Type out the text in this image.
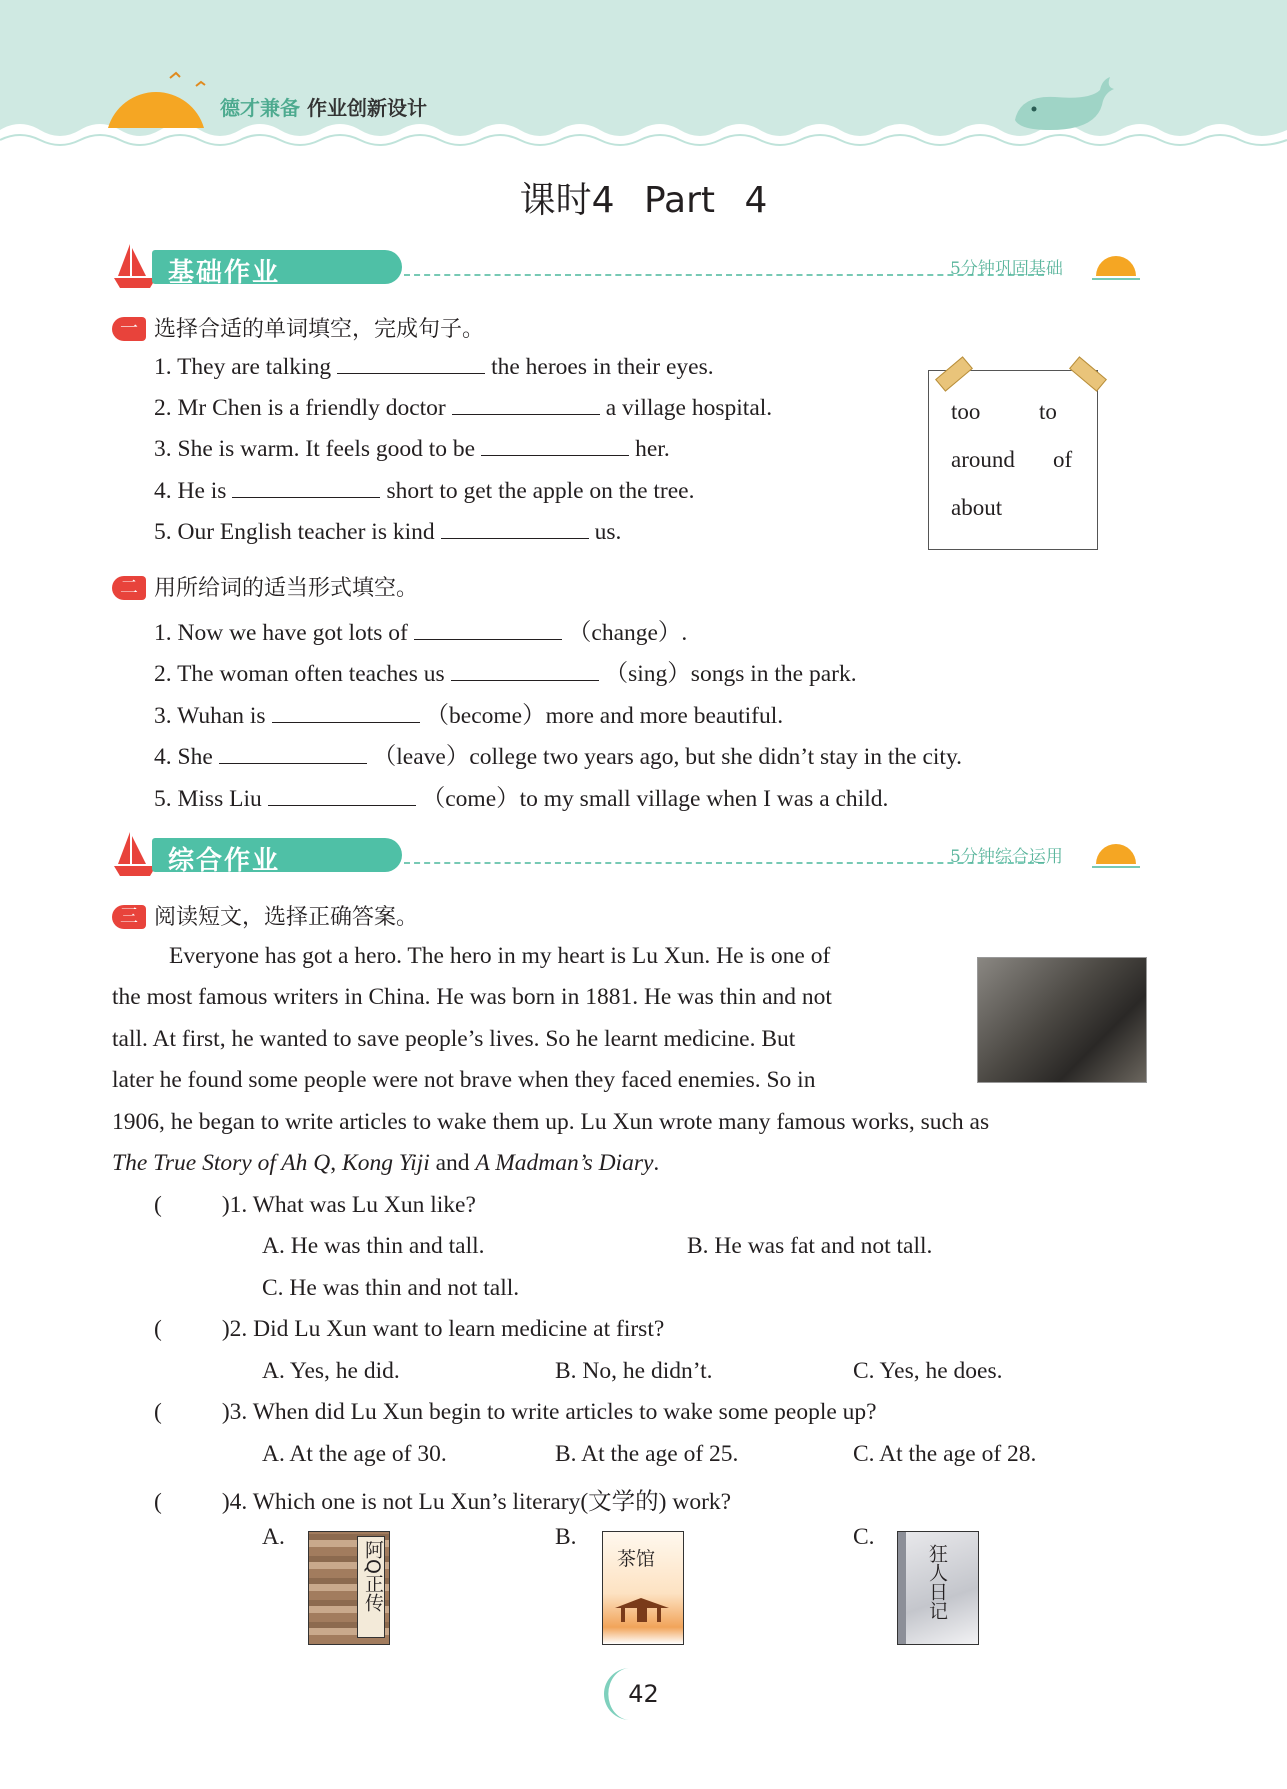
德才兼备 作业创新设计
课时4 Part 4
基础作业	5分钟巩固基础
一 选择合适的单词填空，完成句子。
1. They are talking	the heroes in their eyes.
2. Mr Chen is a friendly doctor	a village hospital.
3. She is warm. It feels good to be	her.
4. He is	short to get the apple on the tree.
5. Our English teacher is kind	us.
too	to
around of
about
二 用所给词的适当形式填空。
1. Now we have got lots of	（change）.
2. The woman often teaches us	（sing）songs in the park.
3. Wuhan is	（become）more and more beautiful.
4. She	（leave）college two years ago, but she didn’t stay in the city.
5. Miss Liu	（come）to my small village when I was a child.
综合作业	5分钟综合运用
三 阅读短文，选择正确答案。
Everyone has got a hero. The hero in my heart is Lu Xun. He is one of
the most famous writers in China. He was born in 1881. He was thin and not
tall. At first, he wanted to save people’s lives. So he learnt medicine. But
later he found some people were not brave when they faced enemies. So in
1906, he began to write articles to wake them up. Lu Xun wrote many famous works, such as
The True Story of Ah Q, Kong Yiji and A Madman’s Diary.
(	)1. What was Lu Xun like?
A. He was thin and tall.	B. He was fat and not tall.
C. He was thin and not tall.
(	)2. Did Lu Xun want to learn medicine at first?
A. Yes, he did.	B. No, he didn’t.	C. Yes, he does.
(	)3. When did Lu Xun begin to write articles to wake some people up?
A. At the age of 30.	B. At the age of 25.	C. At the age of 28.
(	)4. Which one is not Lu Xun’s literary(文学的) work?
A.	B.	C.
阿Q正传	茶馆	狂人日记
42
